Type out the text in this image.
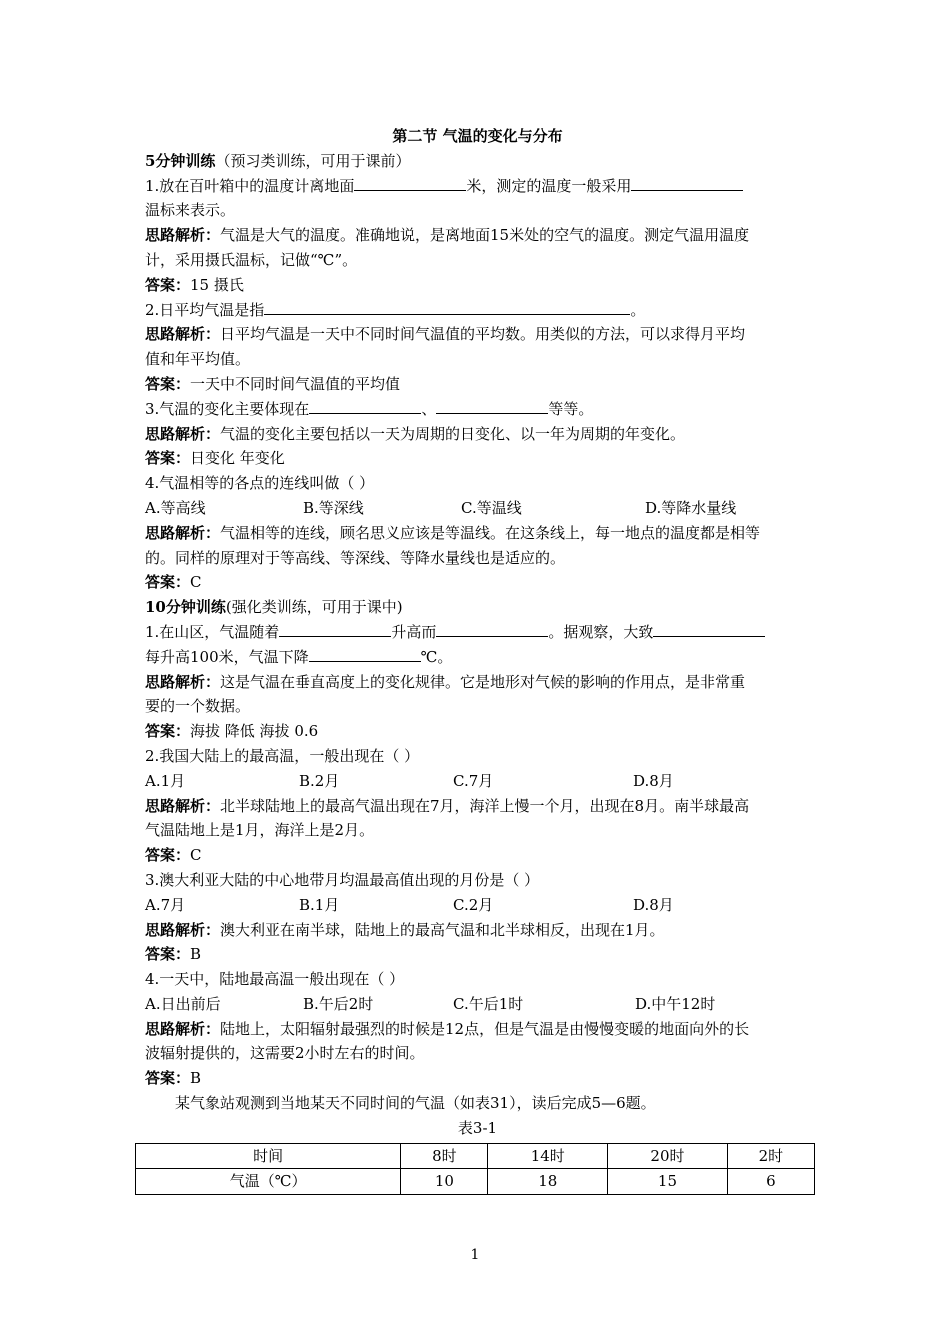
第二节 气温的变化与分布
5分钟训练（预习类训练，可用于课前）
1.放在百叶箱中的温度计离地面	米，测定的温度一般采用
温标来表示。
思路解析：气温是大气的温度。准确地说，是离地面15米处的空气的温度。测定气温用温度
计，采用摄氏温标，记做“℃”。
答案：15 摄氏
2.日平均气温是指	。
思路解析：日平均气温是一天中不同时间气温值的平均数。用类似的方法，可以求得月平均
值和年平均值。
答案：一天中不同时间气温值的平均值
3.气温的变化主要体现在	、	等等。
思路解析：气温的变化主要包括以一天为周期的日变化、以一年为周期的年变化。
答案：日变化 年变化
4.气温相等的各点的连线叫做（ ）
A.等高线	B.等深线	C.等温线	D.等降水量线
思路解析：气温相等的连线，顾名思义应该是等温线。在这条线上，每一地点的温度都是相等
的。同样的原理对于等高线、等深线、等降水量线也是适应的。
答案：C
10分钟训练(强化类训练，可用于课中)
1.在山区，气温随着	升高而	。据观察，大致
每升高100米，气温下降	℃。
思路解析：这是气温在垂直高度上的变化规律。它是地形对气候的影响的作用点，是非常重
要的一个数据。
答案：海拔 降低 海拔 0.6
2.我国大陆上的最高温，一般出现在（ ）
A.1月	B.2月	C.7月	D.8月
思路解析：北半球陆地上的最高气温出现在7月，海洋上慢一个月，出现在8月。南半球最高
气温陆地上是1月，海洋上是2月。
答案：C
3.澳大利亚大陆的中心地带月均温最高值出现的月份是（ ）
A.7月	B.1月	C.2月	D.8月
思路解析：澳大利亚在南半球，陆地上的最高气温和北半球相反，出现在1月。
答案：B
4.一天中，陆地最高温一般出现在（ ）
A.日出前后	B.午后2时	C.午后1时	D.中午12时
思路解析：陆地上，太阳辐射最强烈的时候是12点，但是气温是由慢慢变暖的地面向外的长
波辐射提供的，这需要2小时左右的时间。
答案：B
某气象站观测到当地某天不同时间的气温（如表31），读后完成5—6题。
表3-1
时间	8时	14时	20时	2时
气温（℃）	10	18	15	6
1
